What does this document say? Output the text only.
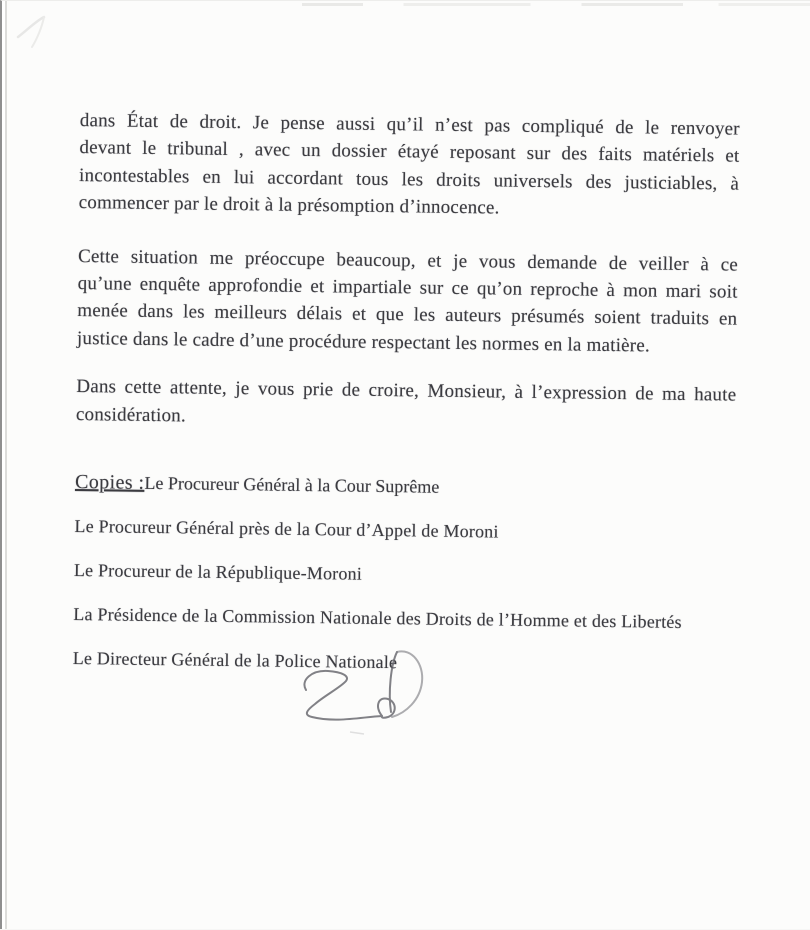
dans État de droit. Je pense aussi qu’il n’est pas compliqué de le renvoyer
devant le tribunal , avec un dossier étayé reposant sur des faits matériels et
incontestables en lui accordant tous les droits universels des justiciables, à
commencer par le droit à la présomption d’innocence.
Cette situation me préoccupe beaucoup, et je vous demande de veiller à ce
qu’une enquête approfondie et impartiale sur ce qu’on reproche à mon mari soit
menée dans les meilleurs délais et que les auteurs présumés soient traduits en
justice dans le cadre d’une procédure respectant les normes en la matière.
Dans cette attente, je vous prie de croire, Monsieur, à l’expression de ma haute
considération.
Copies :Le Procureur Général à la Cour Suprême
Le Procureur Général près de la Cour d’Appel de Moroni
Le Procureur de la République-Moroni
La Présidence de la Commission Nationale des Droits de l’Homme et des Libertés
Le Directeur Général de la Police Nationale
